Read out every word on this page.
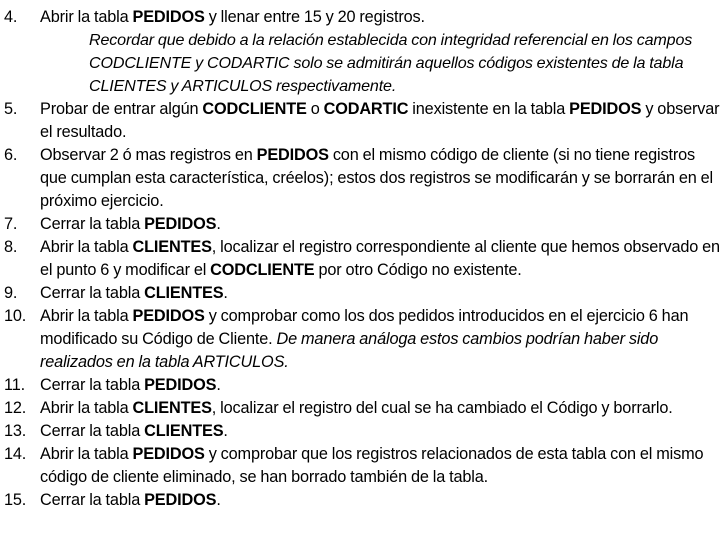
4. Abrir la tabla PEDIDOS y llenar entre 15 y 20 registros.
Recordar que debido a la relación establecida con integridad referencial en los campos CODCLIENTE y CODARTIC solo se admitirán aquellos códigos existentes de la tabla CLIENTES y ARTICULOS respectivamente.

5. Probar de entrar algún CODCLIENTE o CODARTIC inexistente en la tabla PEDIDOS y observar el resultado.

6. Observar 2 ó mas registros en PEDIDOS con el mismo código de cliente (si no tiene registros que cumplan esta característica, créelos); estos dos registros se modificarán y se borrarán en el próximo ejercicio.

7. Cerrar la tabla PEDIDOS.

8. Abrir la tabla CLIENTES, localizar el registro correspondiente al cliente que hemos observado en el punto 6 y modificar el CODCLIENTE por otro Código no existente.

9. Cerrar la tabla CLIENTES.

10. Abrir la tabla PEDIDOS y comprobar como los dos pedidos introducidos en el ejercicio 6 han modificado su Código de Cliente. De manera análoga estos cambios podrían haber sido realizados en la tabla ARTICULOS.

11. Cerrar la tabla PEDIDOS.

12. Abrir la tabla CLIENTES, localizar el registro del cual se ha cambiado el Código y borrarlo.

13. Cerrar la tabla CLIENTES.

14. Abrir la tabla PEDIDOS y comprobar que los registros relacionados de esta tabla con el mismo código de cliente eliminado, se han borrado también de la tabla.

15. Cerrar la tabla PEDIDOS.
